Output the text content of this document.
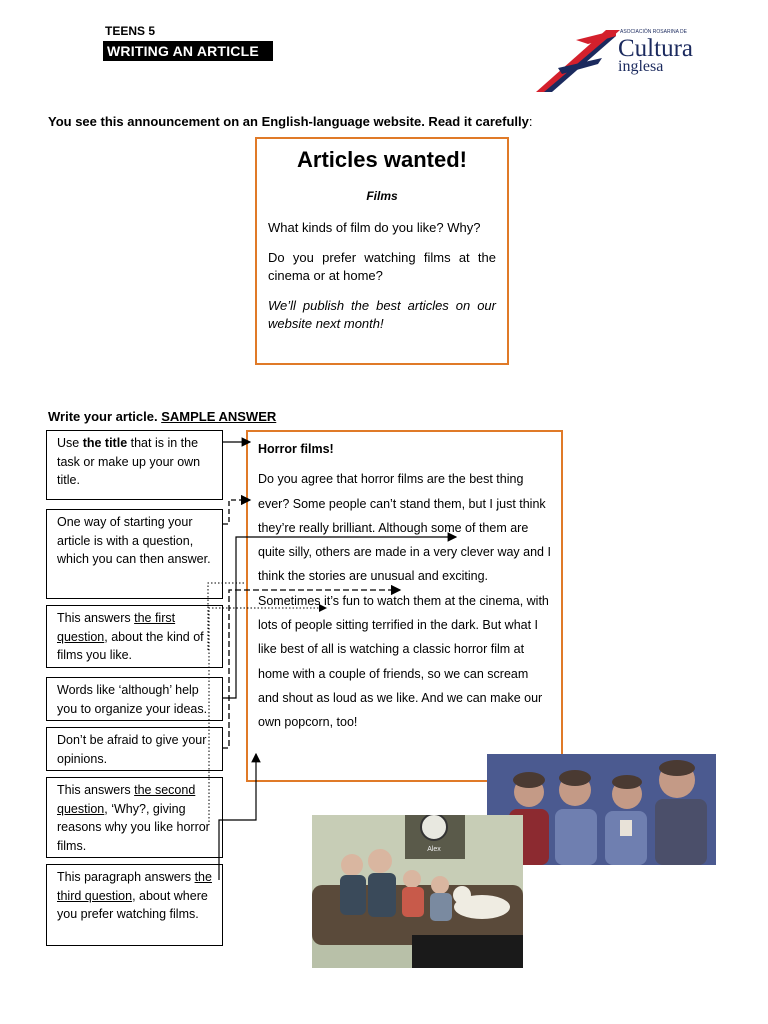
TEENS 5
WRITING AN ARTICLE
ASOCIACIÓN ROSARINA DE
Cultura
inglesa
You see this announcement on an English-language website. Read it carefully:
Articles wanted!
Films

What kinds of film do you like? Why?

Do you prefer watching films at the cinema or at home?

We’ll publish the best articles on our website next month!

Write your article. SAMPLE ANSWER
Use the title that is in the task or make up your own title.
One way of starting your article is with a question, which you can then answer.
This answers the first question, about the kind of films you like.
Words like ‘although’ help you to organize your ideas.
Don’t be afraid to give your opinions.
This answers the second question, ‘Why?, giving reasons why you like horror films.
This paragraph answers the third question, about where you prefer watching films.
Horror films!

Do you agree that horror films are the best thing ever? Some people can’t stand them, but I just think they’re really brilliant. Although some of them are quite silly, others are made in a very clever way and I think the stories are unusual and exciting.

Sometimes it’s fun to watch them at the cinema, with lots of people sitting terrified in the dark. But what I like best of all is watching a classic horror film at home with a couple of friends, so we can scream and shout as loud as we like. And we can make our own popcorn, too!

Alex
